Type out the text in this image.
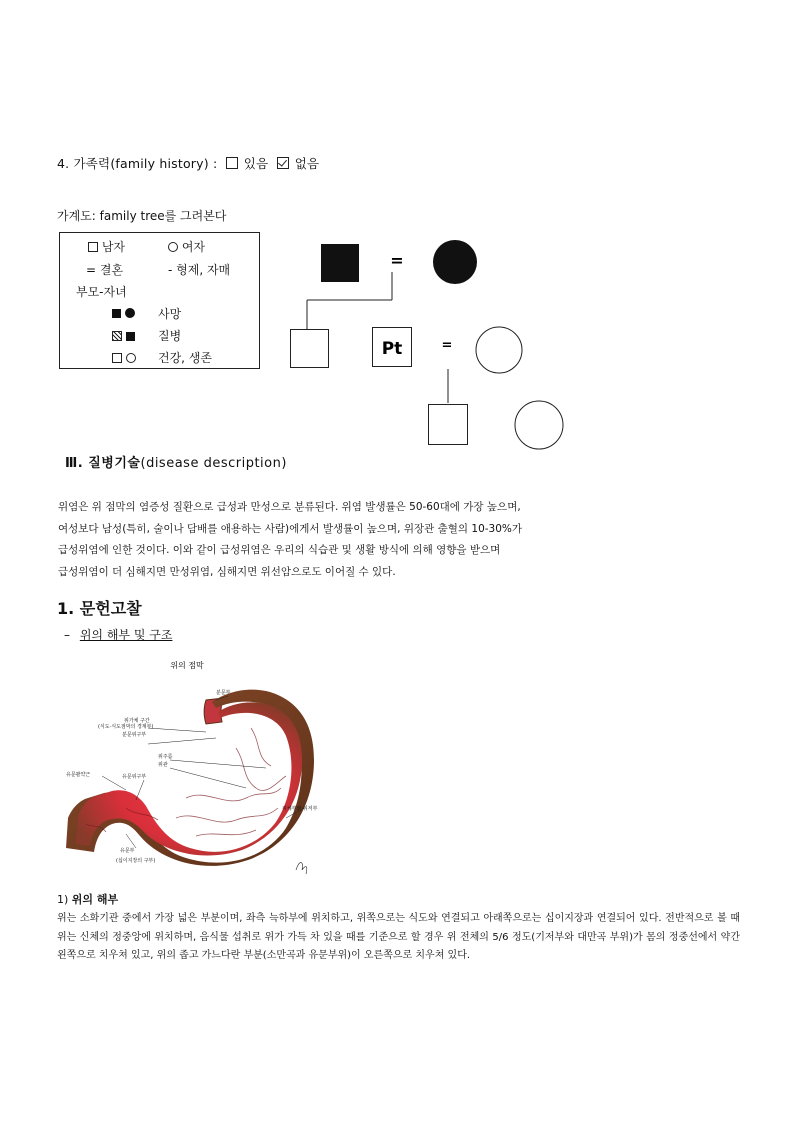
4. 가족력(family history) : 있음 없음
가계도: family tree를 그려본다
남자	여자
= 결혼	- 형제, 자매
부모-자녀

사망

질병

건강, 생존
=
Pt	=
Ⅲ. 질병기술(disease description)

위염은 위 점막의 염증성 질환으로 급성과 만성으로 분류된다. 위염 발생률은 50-60대에 가장 높으며,

여성보다 남성(특히, 술이나 담배를 애용하는 사람)에게서 발생률이 높으며, 위장관 출혈의 10-30%가

급성위염에 인한 것이다. 이와 같이 급성위염은 우리의 식습관 및 생활 방식에 의해 영향을 받으며

급성위염이 더 심해지면 만성위염, 심해지면 위선암으로도 이어질 수 있다.

1. 문헌고찰
– 위의 해부 및 구조
위의 점막
분문부
위가체 구간
(식도·식도점막의 경계부)
분문위구부
위주름
위관
유문괄약근	유문위구부
유문부
위체부와 위저부
(십이지장의 구부)
1) 위의 해부

위는 소화기관 중에서 가장 넓은 부분이며, 좌측 늑하부에 위치하고, 위쪽으로는 식도와 연결되고 아래쪽으로는 십이지장과 연결되어 있다. 전반적으로 볼 때 위는 신체의 정중앙에 위치하며, 음식물 섭취로 위가 가득 차 있을 때를 기준으로 할 경우 위 전체의 5/6 정도(기저부와 대만곡 부위)가 몸의 정중선에서 약간 왼쪽으로 치우쳐 있고, 위의 좁고 가느다란 부분(소만곡과 유문부위)이 오른쪽으로 치우쳐 있다.
